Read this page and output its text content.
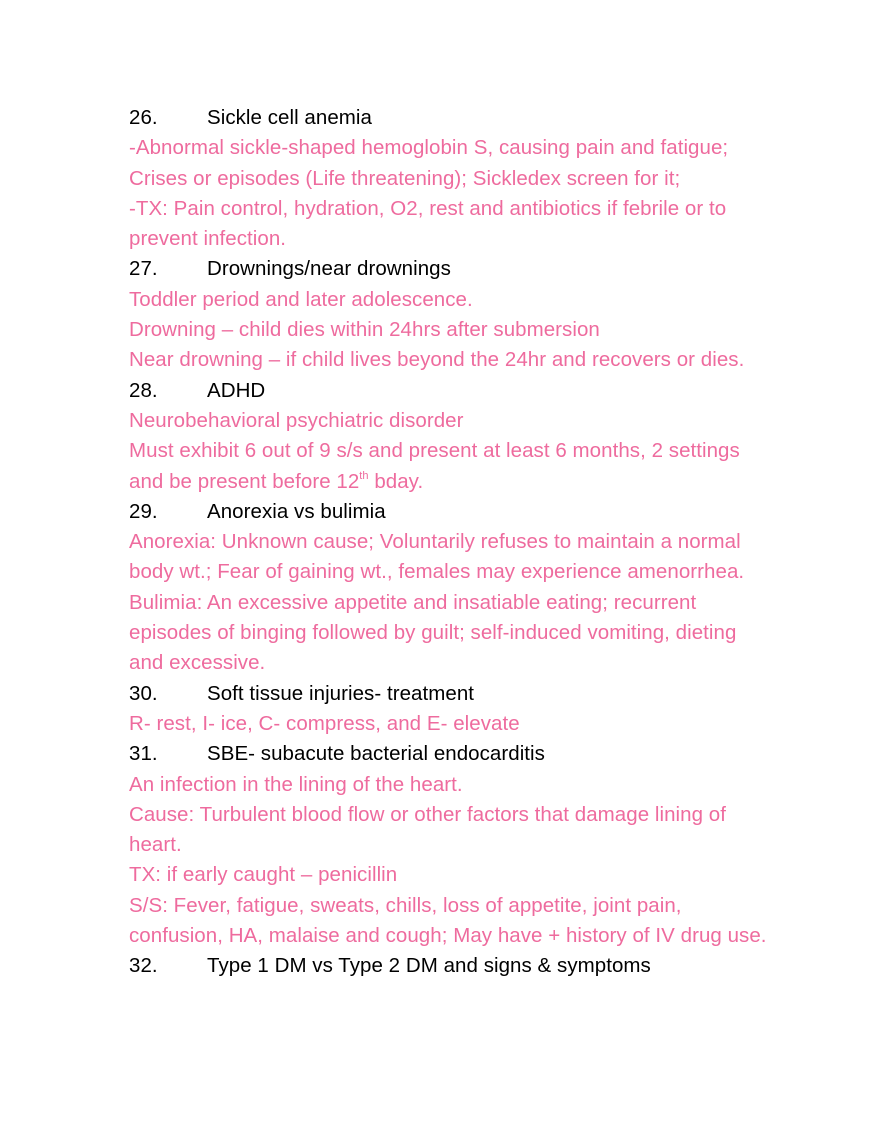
26. Sickle cell anemia
-Abnormal sickle-shaped hemoglobin S, causing pain and fatigue;
Crises or episodes (Life threatening); Sickledex screen for it;
-TX: Pain control, hydration, O2, rest and antibiotics if febrile or to
prevent infection.
27. Drownings/near drownings
Toddler period and later adolescence.
Drowning – child dies within 24hrs after submersion
Near drowning – if child lives beyond the 24hr and recovers or dies.
28. ADHD
Neurobehavioral psychiatric disorder
Must exhibit 6 out of 9 s/s and present at least 6 months, 2 settings
and be present before 12th bday.
29. Anorexia vs bulimia
Anorexia: Unknown cause; Voluntarily refuses to maintain a normal
body wt.; Fear of gaining wt., females may experience amenorrhea.
Bulimia: An excessive appetite and insatiable eating; recurrent
episodes of binging followed by guilt; self-induced vomiting, dieting
and excessive.
30. Soft tissue injuries- treatment
R- rest, I- ice, C- compress, and E- elevate
31. SBE- subacute bacterial endocarditis
An infection in the lining of the heart.
Cause: Turbulent blood flow or other factors that damage lining of
heart.
TX: if early caught – penicillin
S/S: Fever, fatigue, sweats, chills, loss of appetite, joint pain,
confusion, HA, malaise and cough; May have + history of IV drug use.
32. Type 1 DM vs Type 2 DM and signs & symptoms
